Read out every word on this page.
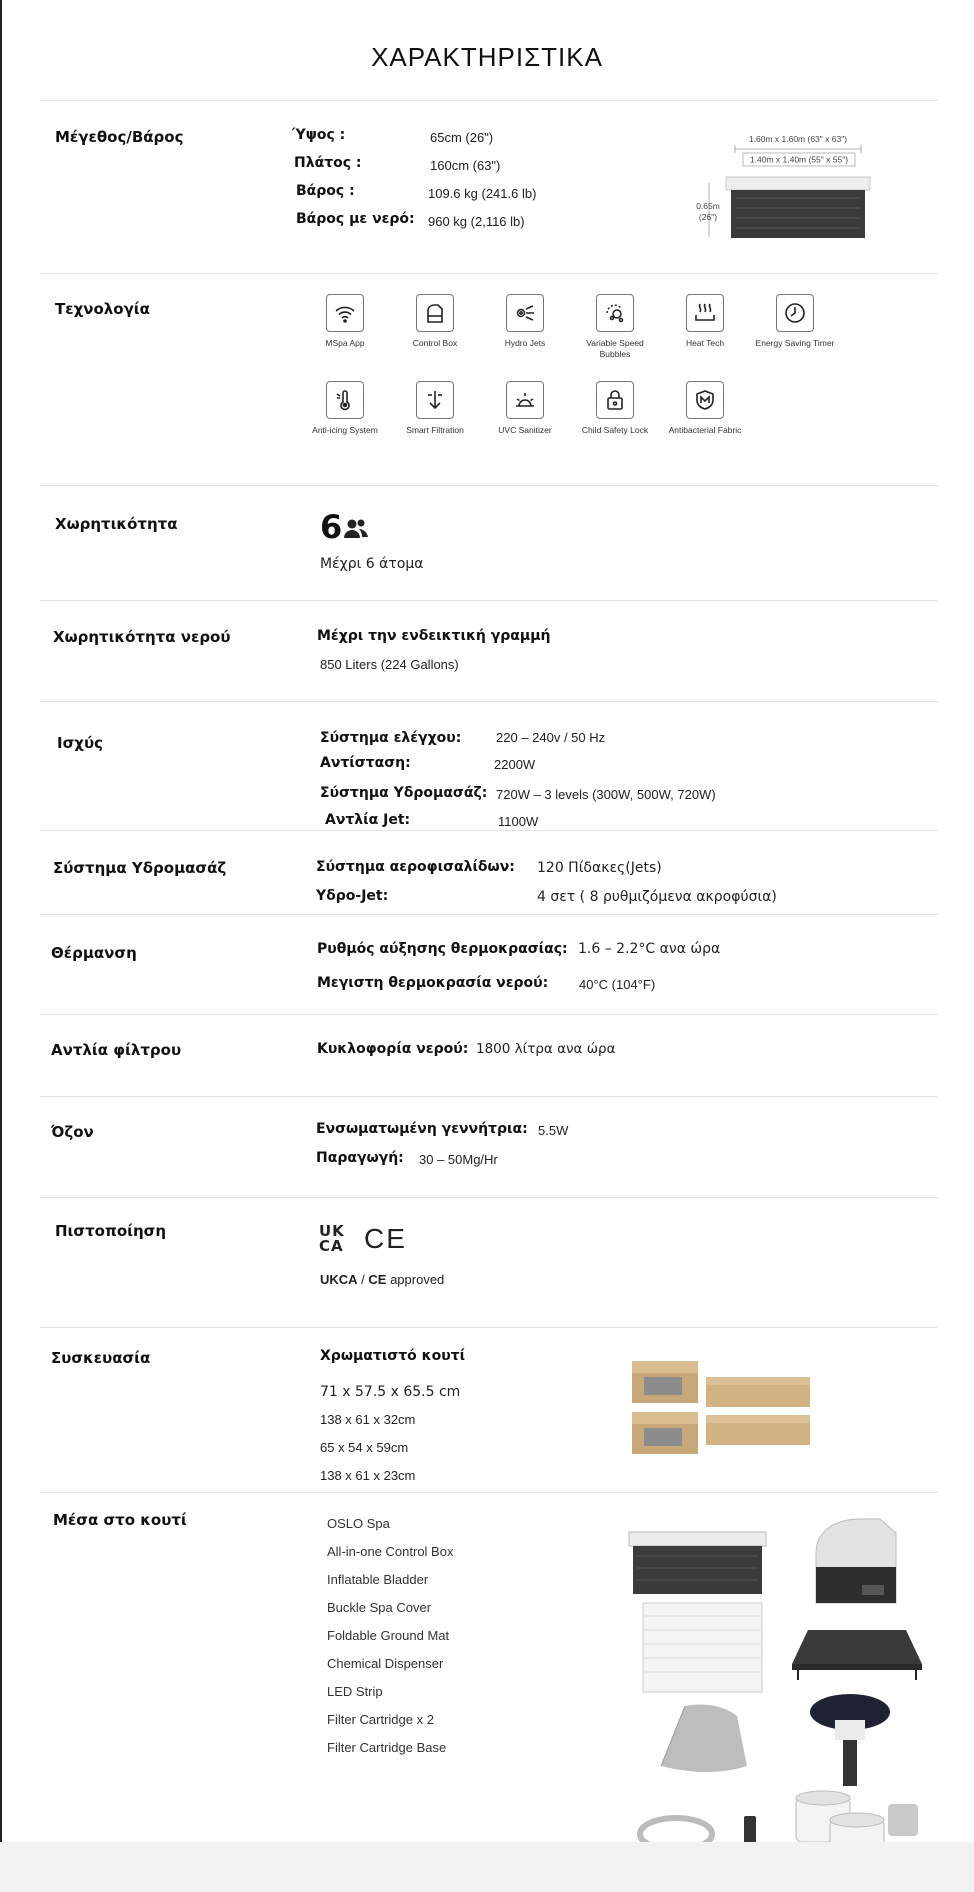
ΧΑΡΑΚΤΗΡΙΣΤΙΚΑ
Μέγεθος/Βάρος	Ύψος :	65cm (26")
Πλάτος :	160cm (63")
Βάρος :	109.6 kg (241.6 lb)
Βάρος με νερό: 960 kg (2,116 lb)
1.60m x 1.60m (63" x 63")
1.40m x 1.40m (55" x 55")
0.65m
(26")
Τεχνολογία
MSpa App	Control Box	Hydro Jets	Variable Speed Bubbles
Heat Tech	Energy Saving Timer
Anti-icing System	Smart Filtration	UVC Sanitizer	Child Safety Lock	Antibacterial Fabric
Χωρητικότητα	6
Μέχρι 6 άτομα
Χωρητικότητα νερού	Μέχρι την ενδεικτική γραμμή
850 Liters (224 Gallons)
Ισχύς	Σύστημα ελέγχου:	220 – 240v / 50 Hz
Αντίσταση:	2200W
Σύστημα Υδρομασάζ: 720W – 3 levels (300W, 500W, 720W)
Αντλία Jet:	1100W
Σύστημα Υδρομασάζ	Σύστημα αεροφισαλίδων: 120 Πίδακες(Jets)
Υδρο-Jet:	4 σετ ( 8 ρυθμιζόμενα ακροφύσια)
Θέρμανση	Ρυθμός αύξησης θερμοκρασίας: 1.6 – 2.2°C ανα ώρα
Μεγιστη θερμοκρασία νερού: 40°C (104°F)
Αντλία φίλτρου	Κυκλοφορία νερού: 1800 λίτρα ανα ώρα
Όζον	Ενσωματωμένη γεννήτρια: 5.5W
Παραγωγή: 30 – 50Mg/Hr
Πιστοποίηση	UK
CA CE
UKCA / CE approved
Συσκευασία	Χρωματιστό κουτί
71 x 57.5 x 65.5 cm
138 x 61 x 32cm
65 x 54 x 59cm
138 x 61 x 23cm
Μέσα στο κουτί	OSLO Spa
All-in-one Control Box
Inflatable Bladder
Buckle Spa Cover
Foldable Ground Mat
Chemical Dispenser
LED Strip
Filter Cartridge x 2
Filter Cartridge Base
